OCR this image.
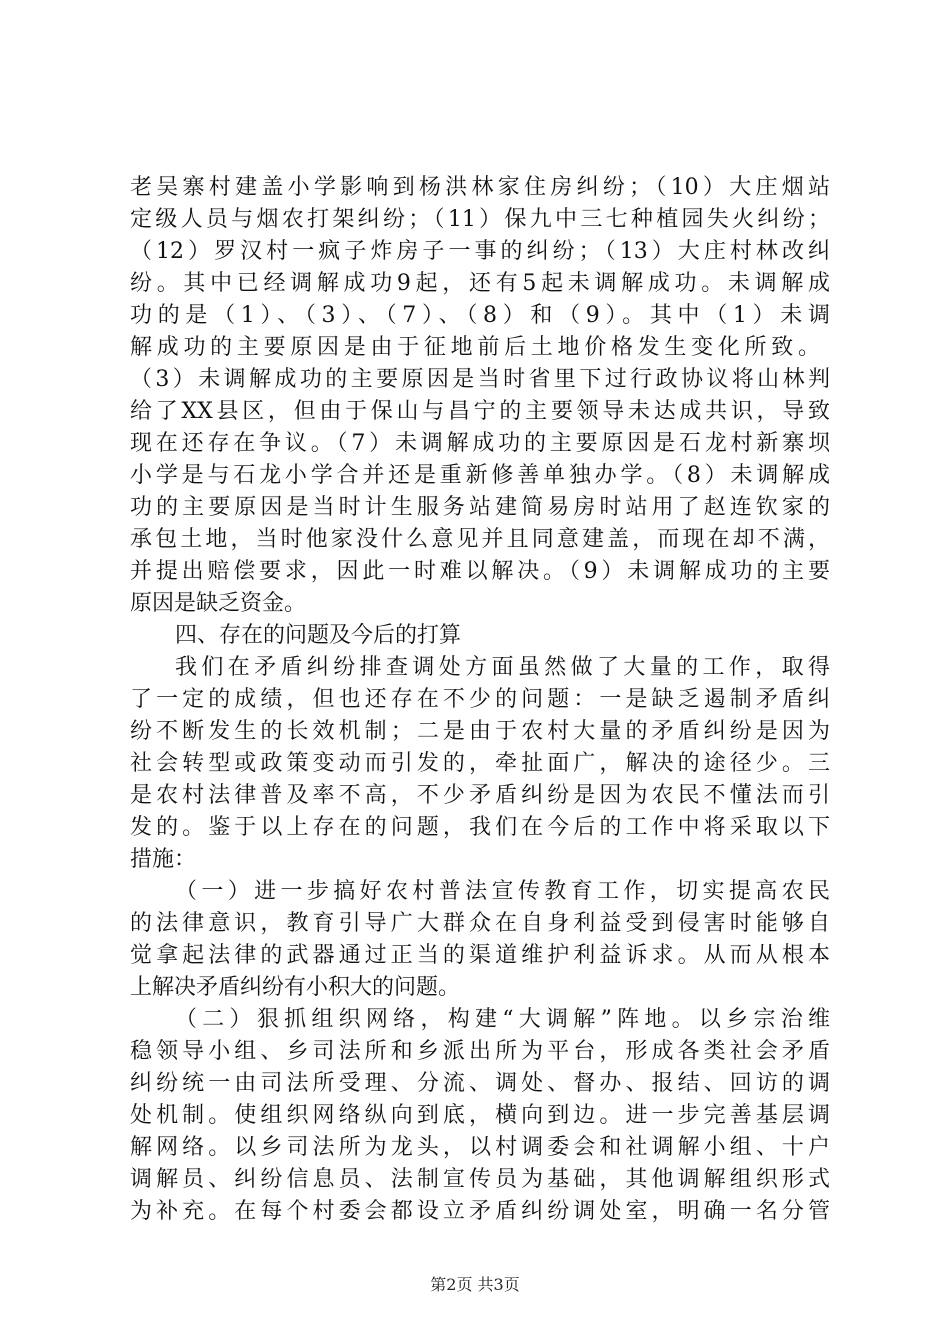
老吴寨村建盖小学影响到杨洪林家住房纠纷；（10）大庄烟站
定级人员与烟农打架纠纷；（11）保九中三七种植园失火纠纷；
（12）罗汉村一疯子炸房子一事的纠纷；（13）大庄村林改纠
纷。其中已经调解成功9起，还有5起未调解成功。未调解成
功的是（1）、（3）、（7）、（8）和（9）。其中（1）未调
解成功的主要原因是由于征地前后土地价格发生变化所致。
（3）未调解成功的主要原因是当时省里下过行政协议将山林判
给了XX县区，但由于保山与昌宁的主要领导未达成共识，导致
现在还存在争议。（7）未调解成功的主要原因是石龙村新寨坝
小学是与石龙小学合并还是重新修善单独办学。（8）未调解成
功的主要原因是当时计生服务站建简易房时站用了赵连钦家的
承包土地，当时他家没什么意见并且同意建盖，而现在却不满，
并提出赔偿要求，因此一时难以解决。（9）未调解成功的主要
原因是缺乏资金。
四、存在的问题及今后的打算
我们在矛盾纠纷排查调处方面虽然做了大量的工作，取得
了一定的成绩，但也还存在不少的问题：一是缺乏遏制矛盾纠
纷不断发生的长效机制；二是由于农村大量的矛盾纠纷是因为
社会转型或政策变动而引发的，牵扯面广，解决的途径少。三
是农村法律普及率不高，不少矛盾纠纷是因为农民不懂法而引
发的。鉴于以上存在的问题，我们在今后的工作中将采取以下
措施：
（一）进一步搞好农村普法宣传教育工作，切实提高农民
的法律意识，教育引导广大群众在自身利益受到侵害时能够自
觉拿起法律的武器通过正当的渠道维护利益诉求。从而从根本
上解决矛盾纠纷有小积大的问题。
（二）狠抓组织网络，构建“大调解”阵地。以乡宗治维
稳领导小组、乡司法所和乡派出所为平台，形成各类社会矛盾
纠纷统一由司法所受理、分流、调处、督办、报结、回访的调
处机制。使组织网络纵向到底，横向到边。进一步完善基层调
解网络。以乡司法所为龙头，以村调委会和社调解小组、十户
调解员、纠纷信息员、法制宣传员为基础，其他调解组织形式
为补充。在每个村委会都设立矛盾纠纷调处室，明确一名分管
第2页 共3页
